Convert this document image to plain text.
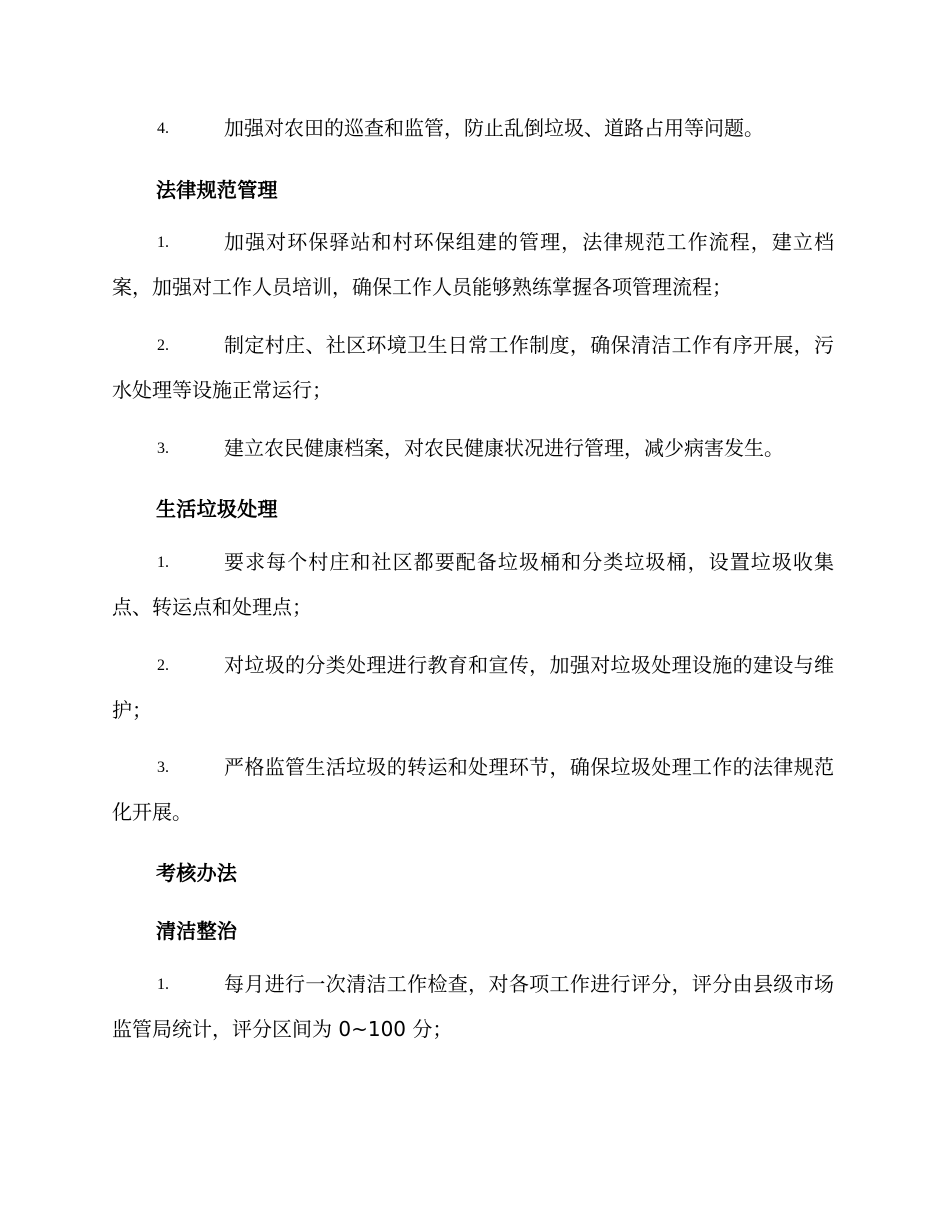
4.	加强对农田的巡查和监管，防止乱倒垃圾、道路占用等问题。
法律规范管理
1.	加强对环保驿站和村环保组建的管理，法律规范工作流程，建立档案，加强对工作人员培训，确保工作人员能够熟练掌握各项管理流程；
2.	制定村庄、社区环境卫生日常工作制度，确保清洁工作有序开展，污水处理等设施正常运行；
3.	建立农民健康档案，对农民健康状况进行管理，减少病害发生。
生活垃圾处理
1.	要求每个村庄和社区都要配备垃圾桶和分类垃圾桶，设置垃圾收集点、转运点和处理点；
2.	对垃圾的分类处理进行教育和宣传，加强对垃圾处理设施的建设与维护；
3.	严格监管生活垃圾的转运和处理环节，确保垃圾处理工作的法律规范化开展。
考核办法
清洁整治
1.	每月进行一次清洁工作检查，对各项工作进行评分，评分由县级市场监管局统计，评分区间为 0~100 分；
